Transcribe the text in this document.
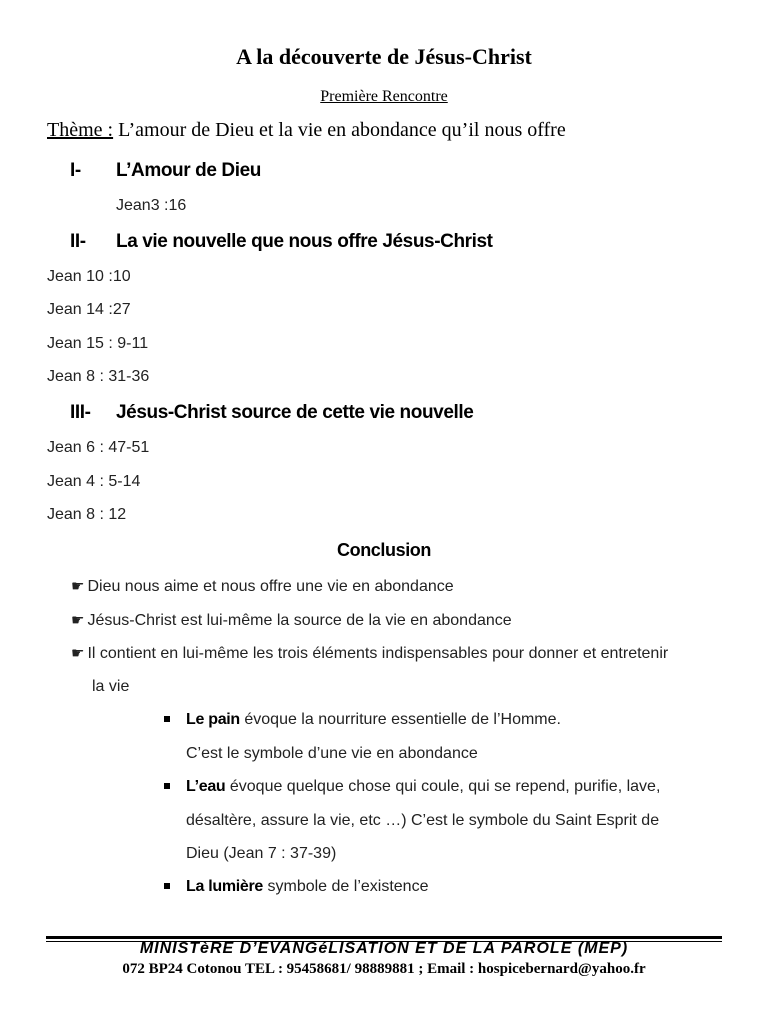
A la découverte de Jésus-Christ
Première Rencontre
Thème : L’amour de Dieu et la vie en abondance qu’il nous offre
I- L’Amour de Dieu
Jean3 :16
II- La vie nouvelle que nous offre Jésus-Christ
Jean 10 :10
Jean 14 :27
Jean 15 : 9-11
Jean 8 : 31-36
III- Jésus-Christ source de cette vie nouvelle
Jean 6 : 47-51
Jean 4 : 5-14
Jean 8 : 12
Conclusion
☛ Dieu nous aime et nous offre une vie en abondance
☛ Jésus-Christ est lui-même la source de la vie en abondance
☛ Il contient en lui-même les trois éléments indispensables pour donner et entretenir
la vie
Le pain évoque la nourriture essentielle de l’Homme.
C’est le symbole d’une vie en abondance
L’eau évoque quelque chose qui coule, qui se repend, purifie, lave,
désaltère, assure la vie, etc …) C’est le symbole du Saint Esprit de
Dieu (Jean 7 : 37-39)
La lumière symbole de l’existence
MINISTèRE D’EVANGéLISATION ET DE LA PAROLE (MEP)
072 BP24 Cotonou TEL : 95458681/ 98889881 ; Email : hospicebernard@yahoo.fr
